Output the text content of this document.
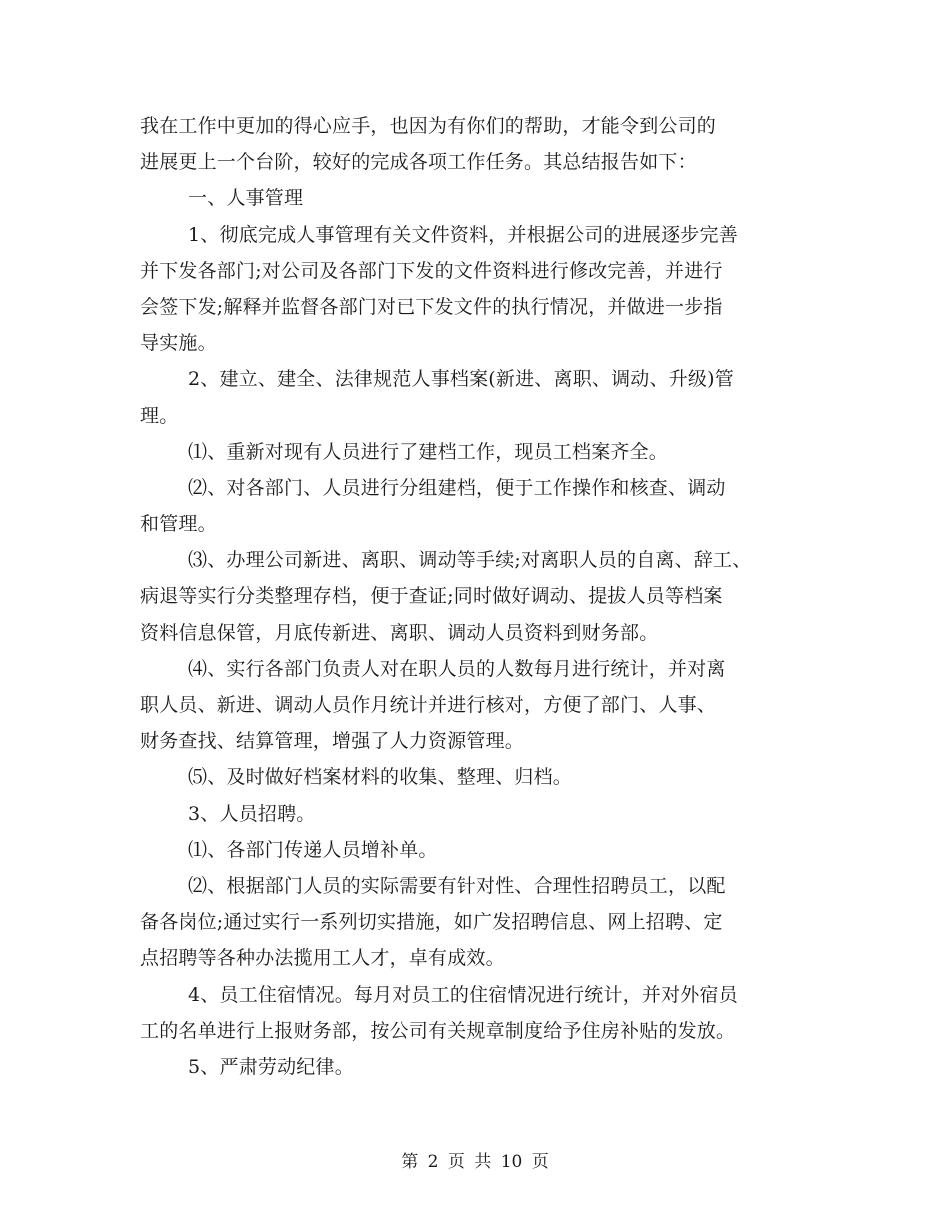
我在工作中更加的得心应手，也因为有你们的帮助，才能令到公司的
进展更上一个台阶，较好的完成各项工作任务。其总结报告如下：
一、人事管理
1、彻底完成人事管理有关文件资料，并根据公司的进展逐步完善
并下发各部门;对公司及各部门下发的文件资料进行修改完善，并进行
会签下发;解释并监督各部门对已下发文件的执行情况，并做进一步指
导实施。
2、建立、建全、法律规范人事档案(新进、离职、调动、升级)管
理。
⑴、重新对现有人员进行了建档工作，现员工档案齐全。
⑵、对各部门、人员进行分组建档，便于工作操作和核查、调动
和管理。
⑶、办理公司新进、离职、调动等手续;对离职人员的自离、辞工、
病退等实行分类整理存档，便于查证;同时做好调动、提拔人员等档案
资料信息保管，月底传新进、离职、调动人员资料到财务部。
⑷、实行各部门负责人对在职人员的人数每月进行统计，并对离
职人员、新进、调动人员作月统计并进行核对，方便了部门、人事、
财务查找、结算管理，增强了人力资源管理。
⑸、及时做好档案材料的收集、整理、归档。
3、人员招聘。
⑴、各部门传递人员增补单。
⑵、根据部门人员的实际需要有针对性、合理性招聘员工，以配
备各岗位;通过实行一系列切实措施，如广发招聘信息、网上招聘、定
点招聘等各种办法揽用工人才，卓有成效。
4、员工住宿情况。每月对员工的住宿情况进行统计，并对外宿员
工的名单进行上报财务部，按公司有关规章制度给予住房补贴的发放。
5、严肃劳动纪律。
第 2 页 共 10 页
